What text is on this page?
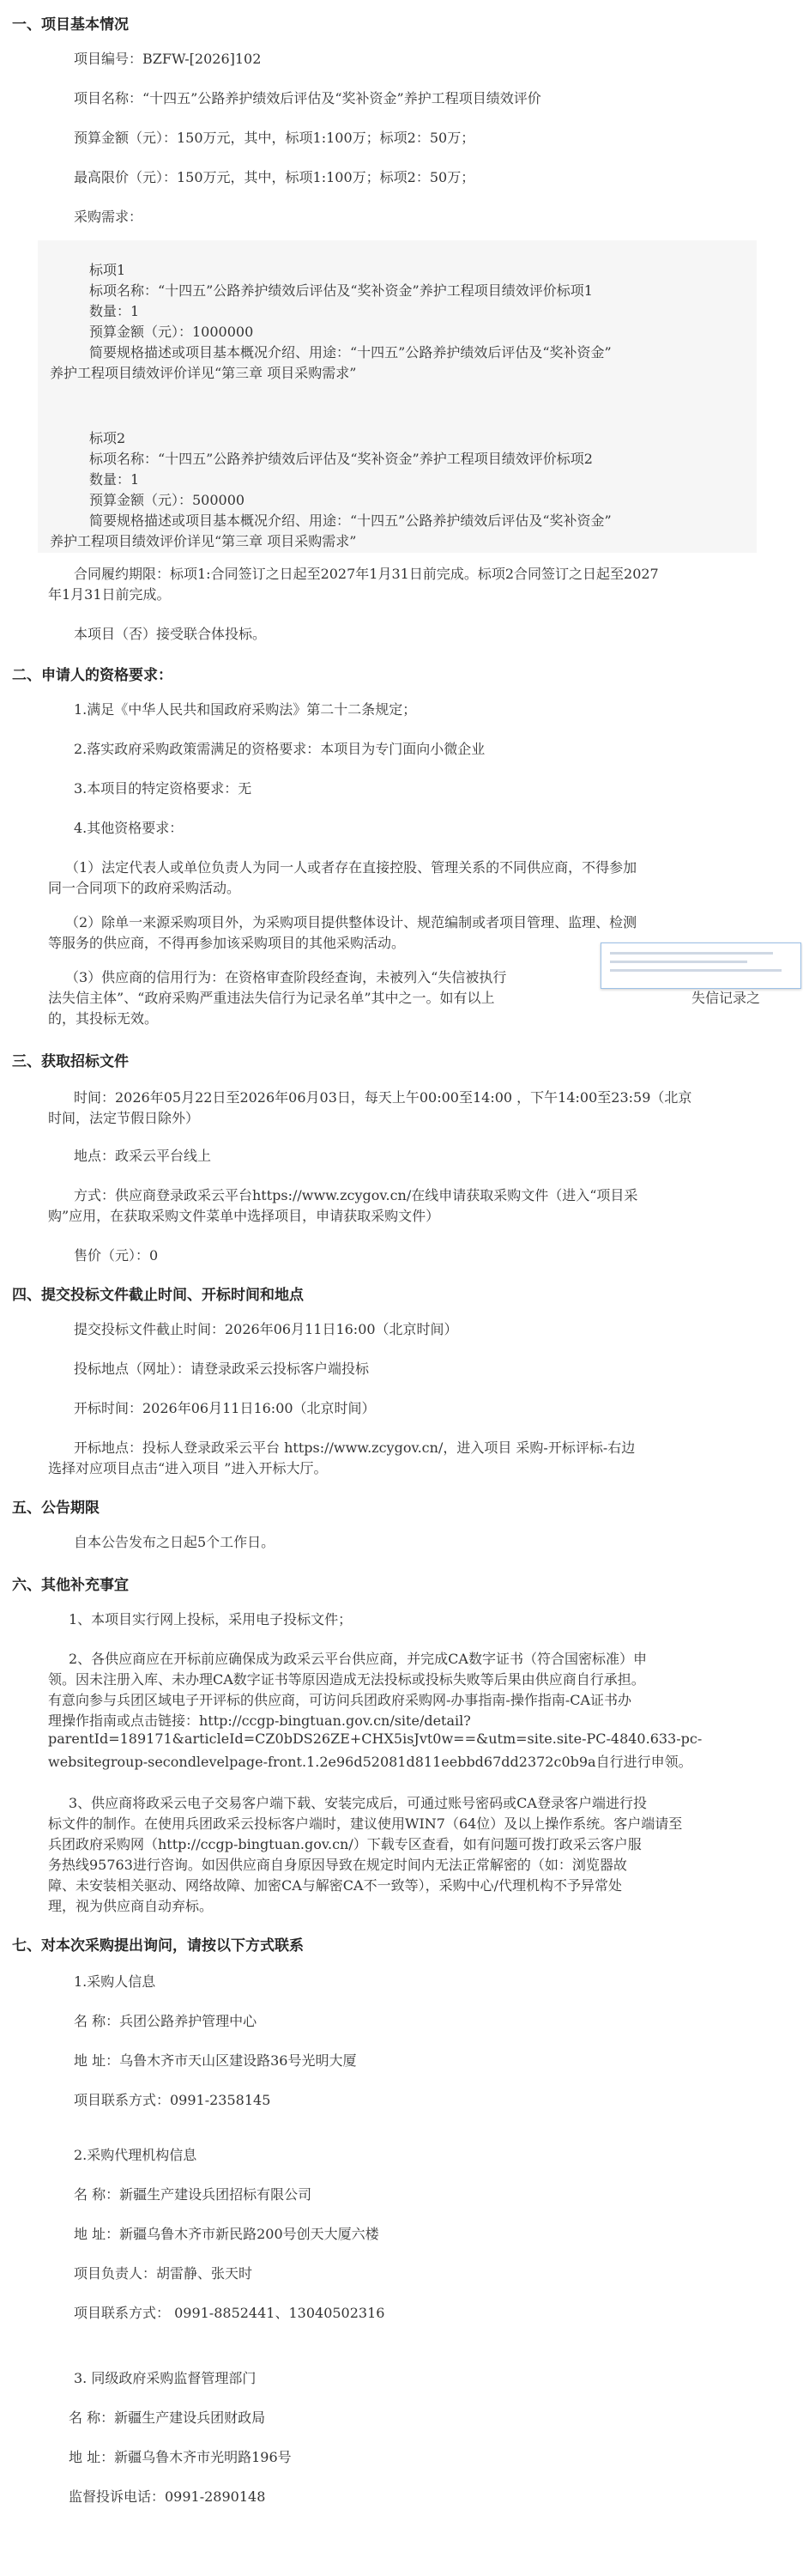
一、项目基本情况
项目编号：BZFW-[2026]102
项目名称：“十四五”公路养护绩效后评估及“奖补资金”养护工程项目绩效评价
预算金额（元）：150万元，其中，标项1:100万；标项2：50万；
最高限价（元）：150万元，其中，标项1:100万；标项2：50万；
采购需求：
标项1
标项名称：“十四五”公路养护绩效后评估及“奖补资金”养护工程项目绩效评价标项1
数量：1
预算金额（元）：1000000
简要规格描述或项目基本概况介绍、用途：“十四五”公路养护绩效后评估及“奖补资金”
养护工程项目绩效评价详见“第三章 项目采购需求”
标项2
标项名称：“十四五”公路养护绩效后评估及“奖补资金”养护工程项目绩效评价标项2
数量：1
预算金额（元）：500000
简要规格描述或项目基本概况介绍、用途：“十四五”公路养护绩效后评估及“奖补资金”
养护工程项目绩效评价详见“第三章 项目采购需求”
合同履约期限：标项1:合同签订之日起至2027年1月31日前完成。标项2合同签订之日起至2027
年1月31日前完成。
本项目（否）接受联合体投标。
二、申请人的资格要求：
1.满足《中华人民共和国政府采购法》第二十二条规定；
2.落实政府采购政策需满足的资格要求：本项目为专门面向小微企业
3.本项目的特定资格要求：无
4.其他资格要求：
（1）法定代表人或单位负责人为同一人或者存在直接控股、管理关系的不同供应商，不得参加
同一合同项下的政府采购活动。
（2）除单一来源采购项目外，为采购项目提供整体设计、规范编制或者项目管理、监理、检测
等服务的供应商，不得再参加该采购项目的其他采购活动。
（3）供应商的信用行为：在资格审查阶段经查询，未被列入“失信被执行
法失信主体”、“政府采购严重违法失信行为记录名单”其中之一。如有以上	失信记录之
的，其投标无效。
三、获取招标文件
时间：2026年05月22日至2026年06月03日，每天上午00:00至14:00 ，下午14:00至23:59（北京
时间，法定节假日除外）
地点：政采云平台线上
方式：供应商登录政采云平台https://www.zcygov.cn/在线申请获取采购文件（进入“项目采
购”应用，在获取采购文件菜单中选择项目，申请获取采购文件）
售价（元）：0
四、提交投标文件截止时间、开标时间和地点
提交投标文件截止时间：2026年06月11日16:00（北京时间）
投标地点（网址）：请登录政采云投标客户端投标
开标时间：2026年06月11日16:00（北京时间）
开标地点：投标人登录政采云平台 https://www.zcygov.cn/，进入项目 采购-开标评标-右边
选择对应项目点击“进入项目 ”进入开标大厅。
五、公告期限
自本公告发布之日起5个工作日。
六、其他补充事宜
1、本项目实行网上投标，采用电子投标文件；
2、各供应商应在开标前应确保成为政采云平台供应商，并完成CA数字证书（符合国密标准）申
领。因未注册入库、未办理CA数字证书等原因造成无法投标或投标失败等后果由供应商自行承担。
有意向参与兵团区域电子开评标的供应商，可访问兵团政府采购网-办事指南-操作指南-CA证书办
理操作指南或点击链接：http://ccgp-bingtuan.gov.cn/site/detail?
parentId=189171&articleId=CZ0bDS26ZE+CHX5isJvt0w==&utm=site.site-PC-4840.633-pc-
websitegroup-secondlevelpage-front.1.2e96d52081d811eebbd67dd2372c0b9a自行进行申领。
3、供应商将政采云电子交易客户端下载、安装完成后，可通过账号密码或CA登录客户端进行投
标文件的制作。在使用兵团政采云投标客户端时，建议使用WIN7（64位）及以上操作系统。客户端请至
兵团政府采购网（http://ccgp-bingtuan.gov.cn/）下载专区查看，如有问题可拨打政采云客户服
务热线95763进行咨询。如因供应商自身原因导致在规定时间内无法正常解密的（如：浏览器故
障、未安装相关驱动、网络故障、加密CA与解密CA不一致等），采购中心/代理机构不予异常处
理，视为供应商自动弃标。
七、对本次采购提出询问，请按以下方式联系
1.采购人信息
名 称：兵团公路养护管理中心
地 址：乌鲁木齐市天山区建设路36号光明大厦
项目联系方式：0991-2358145
2.采购代理机构信息
名 称：新疆生产建设兵团招标有限公司
地 址：新疆乌鲁木齐市新民路200号创天大厦六楼
项目负责人：胡雷静、张天时
项目联系方式： 0991-8852441、13040502316
3. 同级政府采购监督管理部门
名 称：新疆生产建设兵团财政局
地 址：新疆乌鲁木齐市光明路196号
监督投诉电话：0991-2890148
